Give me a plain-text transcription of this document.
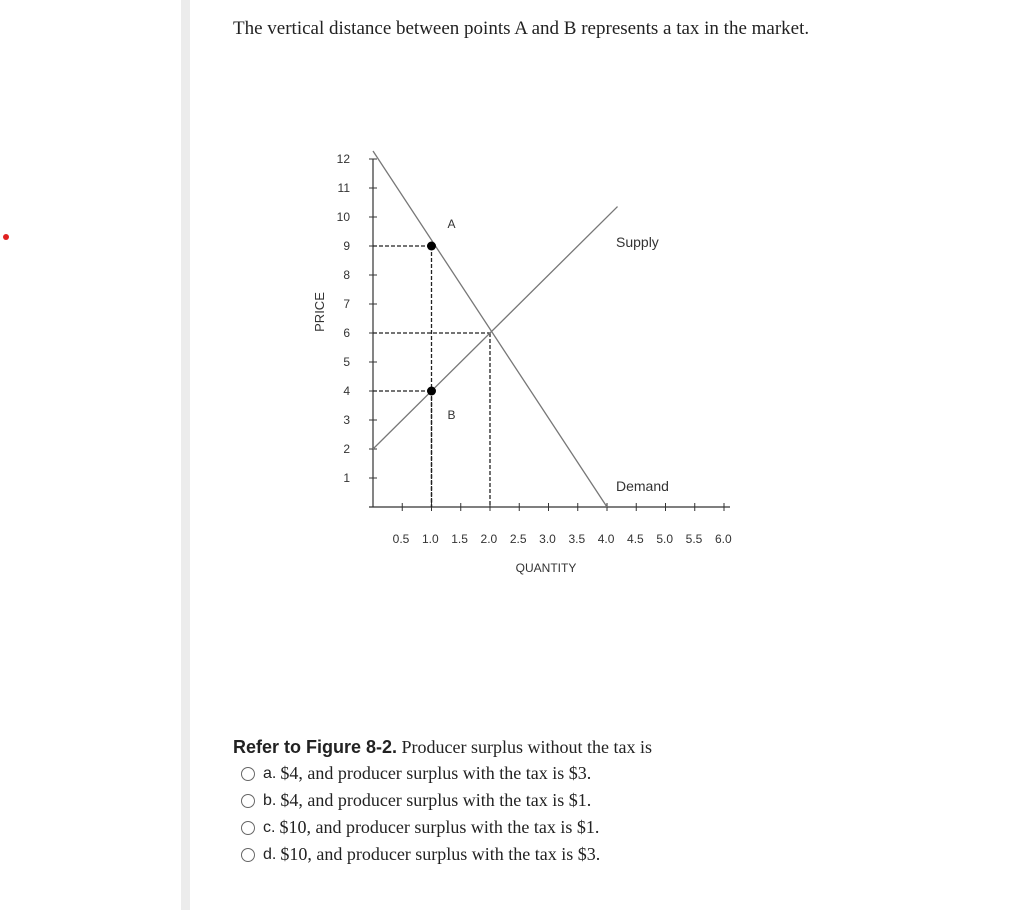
The vertical distance between points A and B represents a tax in the market.
1
2
3
4
5
6
7
8
9
10
11
12
0.5 1.0 1.5 2.0 2.5 3.0 3.5 4.0 4.5 5.0 5.5 6.0
QUANTITY
PRICE
Supply
Demand
A
B
Refer to Figure 8-2. Producer surplus without the tax is
a. $4, and producer surplus with the tax is $3.
b. $4, and producer surplus with the tax is $1.
c. $10, and producer surplus with the tax is $1.
d. $10, and producer surplus with the tax is $3.
